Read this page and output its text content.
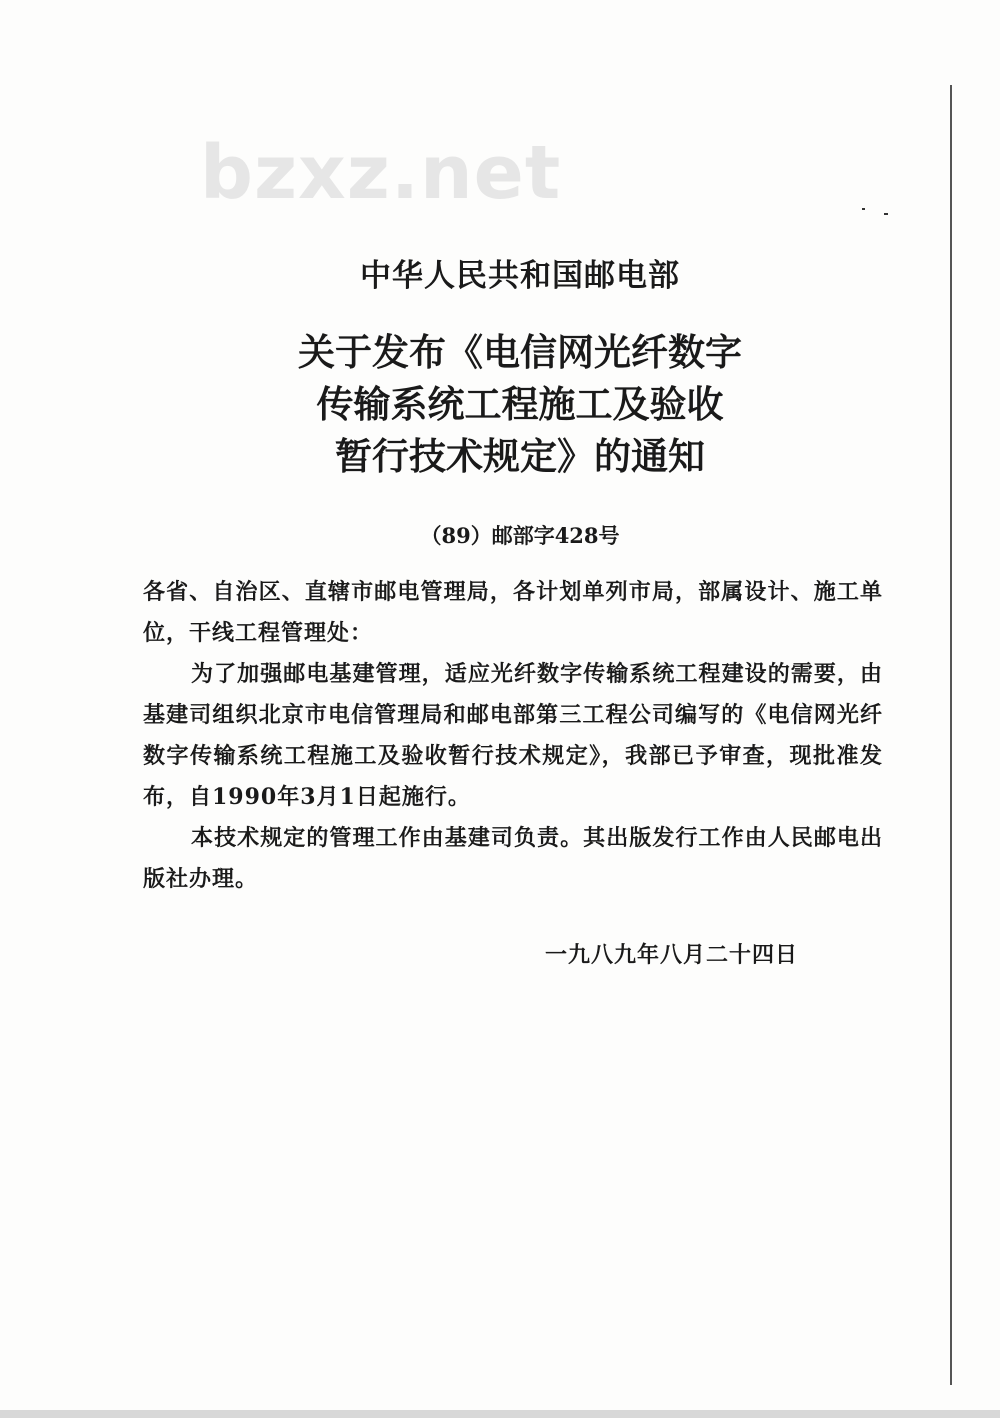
bzxz.net
中华人民共和国邮电部
关于发布《电信网光纤数字
传输系统工程施工及验收
暂行技术规定》的通知
（89）邮部字428号

各省、自治区、直辖市邮电管理局，各计划单列市局，部属设计、施工单位，干线工程管理处：

为了加强邮电基建管理，适应光纤数字传输系统工程建设的需要，由基建司组织北京市电信管理局和邮电部第三工程公司编写的《电信网光纤数字传输系统工程施工及验收暂行技术规定》，我部已予审查，现批准发布，自1990年3月1日起施行。

本技术规定的管理工作由基建司负责。其出版发行工作由人民邮电出版社办理。

一九八九年八月二十四日
